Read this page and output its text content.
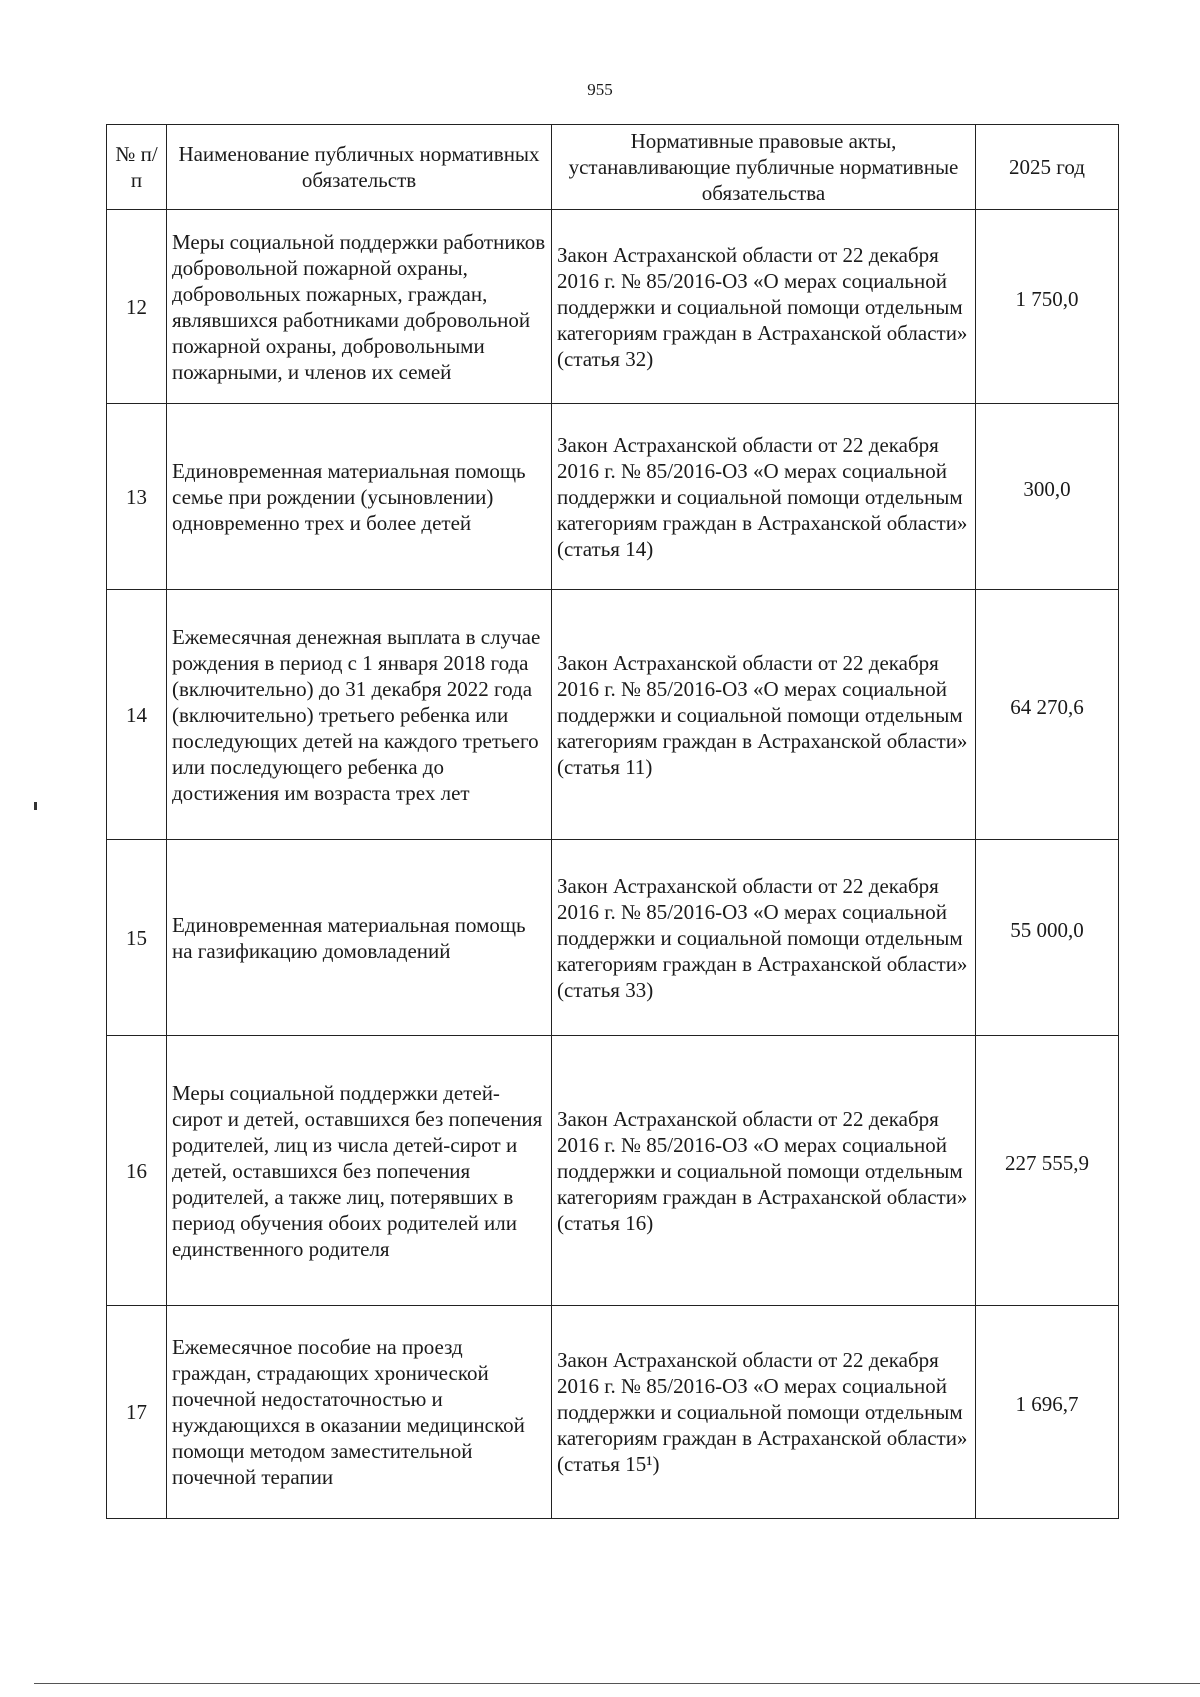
955
№ п/п	Наименование публичных нормативных обязательств	Нормативные правовые акты, устанавливающие публичные нормативные обязательства	2025 год
12	Меры социальной поддержки работников добровольной пожарной охраны, добровольных пожарных, граждан, являвшихся работниками добровольной пожарной охраны, добровольными пожарными, и членов их семей	Закон Астраханской области от 22 декабря 2016 г. № 85/2016-ОЗ «О мерах социальной поддержки и социальной помощи отдельным категориям граждан в Астраханской области» (статья 32)	1 750,0
13	Единовременная материальная помощь семье при рождении (усыновлении) одновременно трех и более детей	Закон Астраханской области от 22 декабря 2016 г. № 85/2016-ОЗ «О мерах социальной поддержки и социальной помощи отдельным категориям граждан в Астраханской области» (статья 14)	300,0
14	Ежемесячная денежная выплата в случае рождения в период с 1 января 2018 года (включительно) до 31 декабря 2022 года (включительно) третьего ребенка или последующих детей на каждого третьего или последующего ребенка до достижения им возраста трех лет	Закон Астраханской области от 22 декабря 2016 г. № 85/2016-ОЗ «О мерах социальной поддержки и социальной помощи отдельным категориям граждан в Астраханской области» (статья 11)	64 270,6
15	Единовременная материальная помощь на газификацию домовладений	Закон Астраханской области от 22 декабря 2016 г. № 85/2016-ОЗ «О мерах социальной поддержки и социальной помощи отдельным категориям граждан в Астраханской области» (статья 33)	55 000,0
16	Меры социальной поддержки детей-сирот и детей, оставшихся без попечения родителей, лиц из числа детей-сирот и детей, оставшихся без попечения родителей, а также лиц, потерявших в период обучения обоих родителей или единственного родителя	Закон Астраханской области от 22 декабря 2016 г. № 85/2016-ОЗ «О мерах социальной поддержки и социальной помощи отдельным категориям граждан в Астраханской области» (статья 16)	227 555,9
17	Ежемесячное пособие на проезд граждан, страдающих хронической почечной недостаточностью и нуждающихся в оказании медицинской помощи методом заместительной почечной терапии	Закон Астраханской области от 22 декабря 2016 г. № 85/2016-ОЗ «О мерах социальной поддержки и социальной помощи отдельным категориям граждан в Астраханской области» (статья 15¹)	1 696,7
